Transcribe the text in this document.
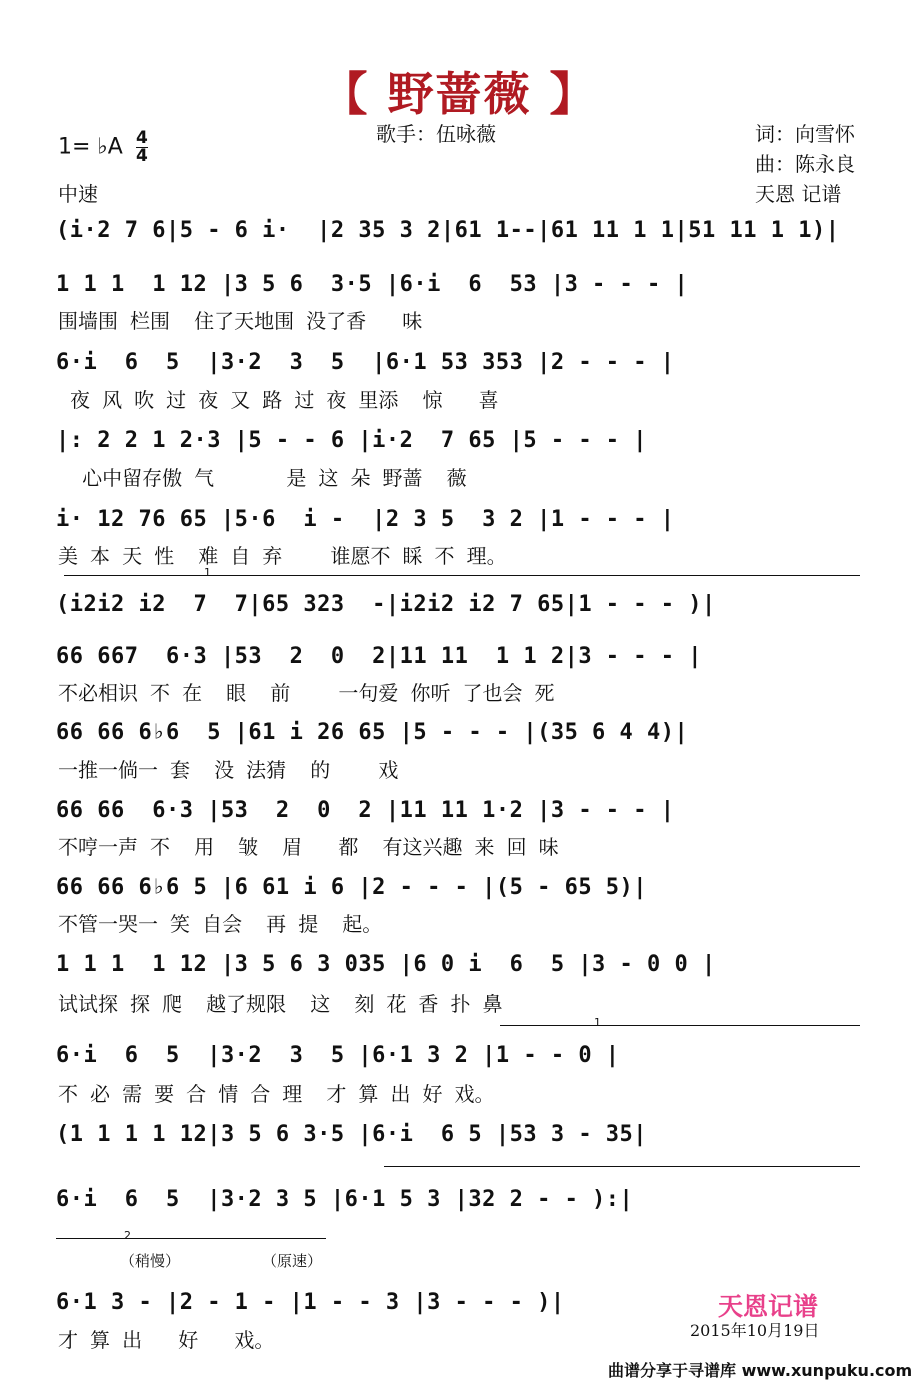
【 野蔷薇 】
歌手：伍咏薇	词：向雪怀
曲：陈永良
天恩 记谱
1= ♭A $\frac{4}{4}$
中速
(i·2 7 6|5 - 6 i·  |2 35 3 2|61 1--|61 11 1 1|51 11 1 1)|
1 1 1  1 12 |3 5 6  3·5 |6·i  6  53 |3 - - - |
围墙围 栏围  住了天地围 没了香   味
6·i  6  5  |3·2  3  5  |6·1 53 353 |2 - - - |
夜 风 吹 过 夜 又 路 过 夜 里添  惊   喜
|: 2 2 1 2·3 |5 - - 6 |i·2  7 65 |5 - - - |
心中留存傲 气      是 这 朵 野蔷  薇
i· 12 76 65 |5·6  i -  |2 3 5  3 2 |1 - - - |
美 本 天 性  难 自 弃    谁愿不 睬 不 理。
1
(i2i2 i2  7  7|65 323  -|i2i2 i2 7 65|1 - - - )|
66 667  6·3 |53  2  0  2|11 11  1 1 2|3 - - - |
不必相识 不 在  眼  前    一句爱 你听 了也会 死
66 66 6♭6  5 |61 i 26 65 |5 - - - |(35 6 4 4)|
一推一倘一 套  没 法猜  的    戏
66 66  6·3 |53  2  0  2 |11 11 1·2 |3 - - - |
不哼一声 不  用  皱  眉   都  有这兴趣 来 回 味
66 66 6♭6 5 |6 61 i 6 |2 - - - |(5 - 65 5)|
不管一哭一 笑 自会  再 提  起。
1 1 1  1 12 |3 5 6 3 035 |6 0 i  6  5 |3 - 0 0 |
试试探 探 爬  越了规限  这  刻 花 香 扑 鼻
1
6·i  6  5  |3·2  3  5 |6·1 3 2 |1 - - 0 |
不 必 需 要 合 情 合 理  才 算 出 好 戏。
(1 1 1 1 12|3 5 6 3·5 |6·i  6 5 |53 3 - 35|
6·i  6  5  |3·2 3 5 |6·1 5 3 |32 2 - - ):|
2
（稍慢）	（原速）
6·1 3 - |2 - 1 - |1 - - 3 |3 - - - )|
才 算 出   好   戏。
天恩记谱
2015年10月19日
曲谱分享于寻谱库 www.xunpuku.com
